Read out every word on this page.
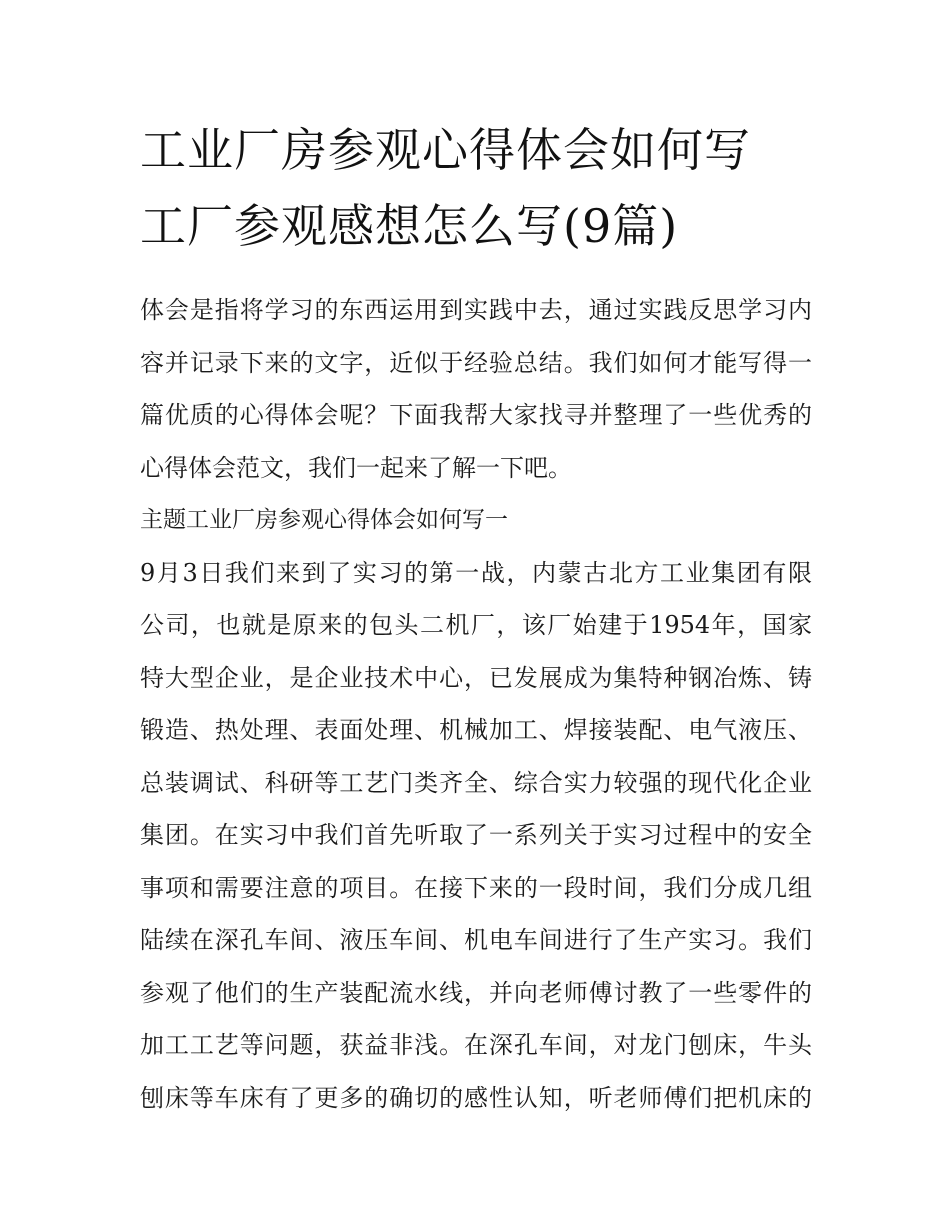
工业厂房参观心得体会如何写
工厂参观感想怎么写(9篇)
体会是指将学习的东西运用到实践中去，通过实践反思学习内
容并记录下来的文字，近似于经验总结。我们如何才能写得一
篇优质的心得体会呢？下面我帮大家找寻并整理了一些优秀的
心得体会范文，我们一起来了解一下吧。
主题工业厂房参观心得体会如何写一
9月3日我们来到了实习的第一战，内蒙古北方工业集团有限
公司，也就是原来的包头二机厂，该厂始建于1954年，国家
特大型企业，是企业技术中心，已发展成为集特种钢冶炼、铸
锻造、热处理、表面处理、机械加工、焊接装配、电气液压、
总装调试、科研等工艺门类齐全、综合实力较强的现代化企业
集团。在实习中我们首先听取了一系列关于实习过程中的安全
事项和需要注意的项目。在接下来的一段时间，我们分成几组
陆续在深孔车间、液压车间、机电车间进行了生产实习。我们
参观了他们的生产装配流水线，并向老师傅讨教了一些零件的
加工工艺等问题，获益非浅。在深孔车间，对龙门刨床，牛头
刨床等车床有了更多的确切的感性认知，听老师傅们把机床的
